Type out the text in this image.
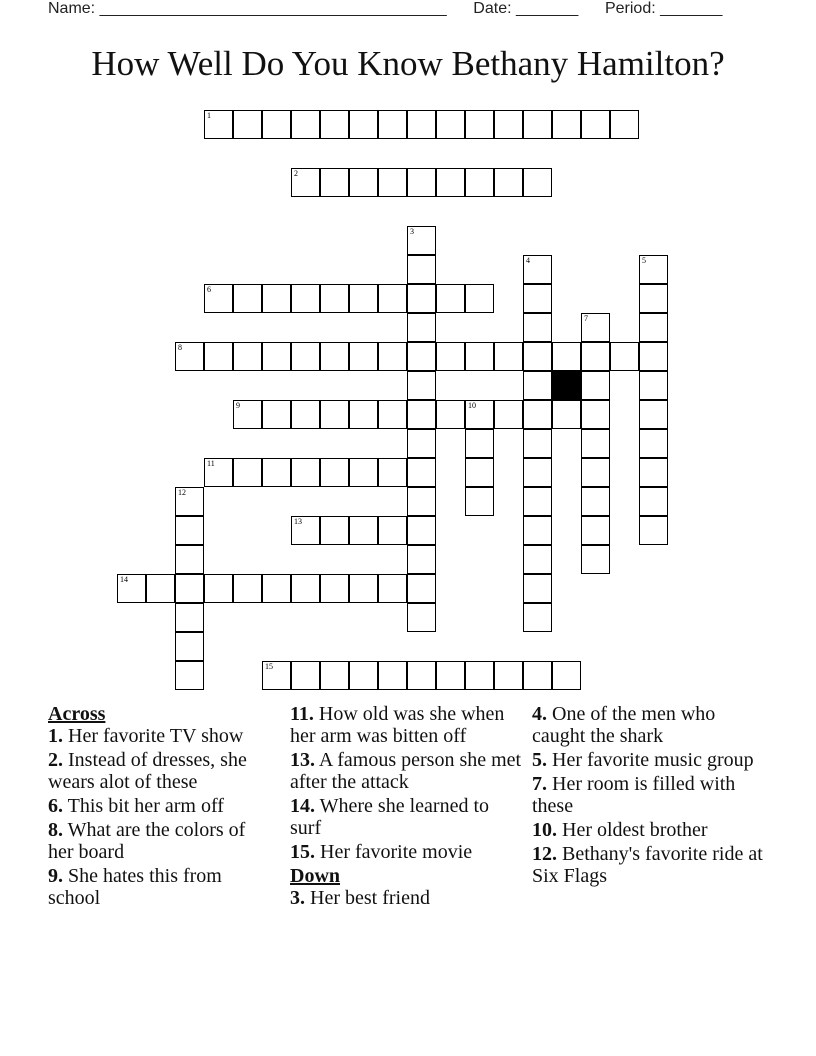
Name: _______________________________________ Date: _______ Period: _______
How Well Do You Know Bethany Hamilton?
1
2
3
4	5
6
7
8
9	10
11
12
13
14
15
Across
1. Her favorite TV show
2. Instead of dresses, she wears alot of these
6. This bit her arm off
8. What are the colors of her board
9. She hates this from school
11. How old was she when her arm was bitten off
13. A famous person she met after the attack
14. Where she learned to surf
15. Her favorite movie
Down
3. Her best friend
4. One of the men who caught the shark
5. Her favorite music group
7. Her room is filled with these
10. Her oldest brother
12. Bethany's favorite ride at Six Flags
